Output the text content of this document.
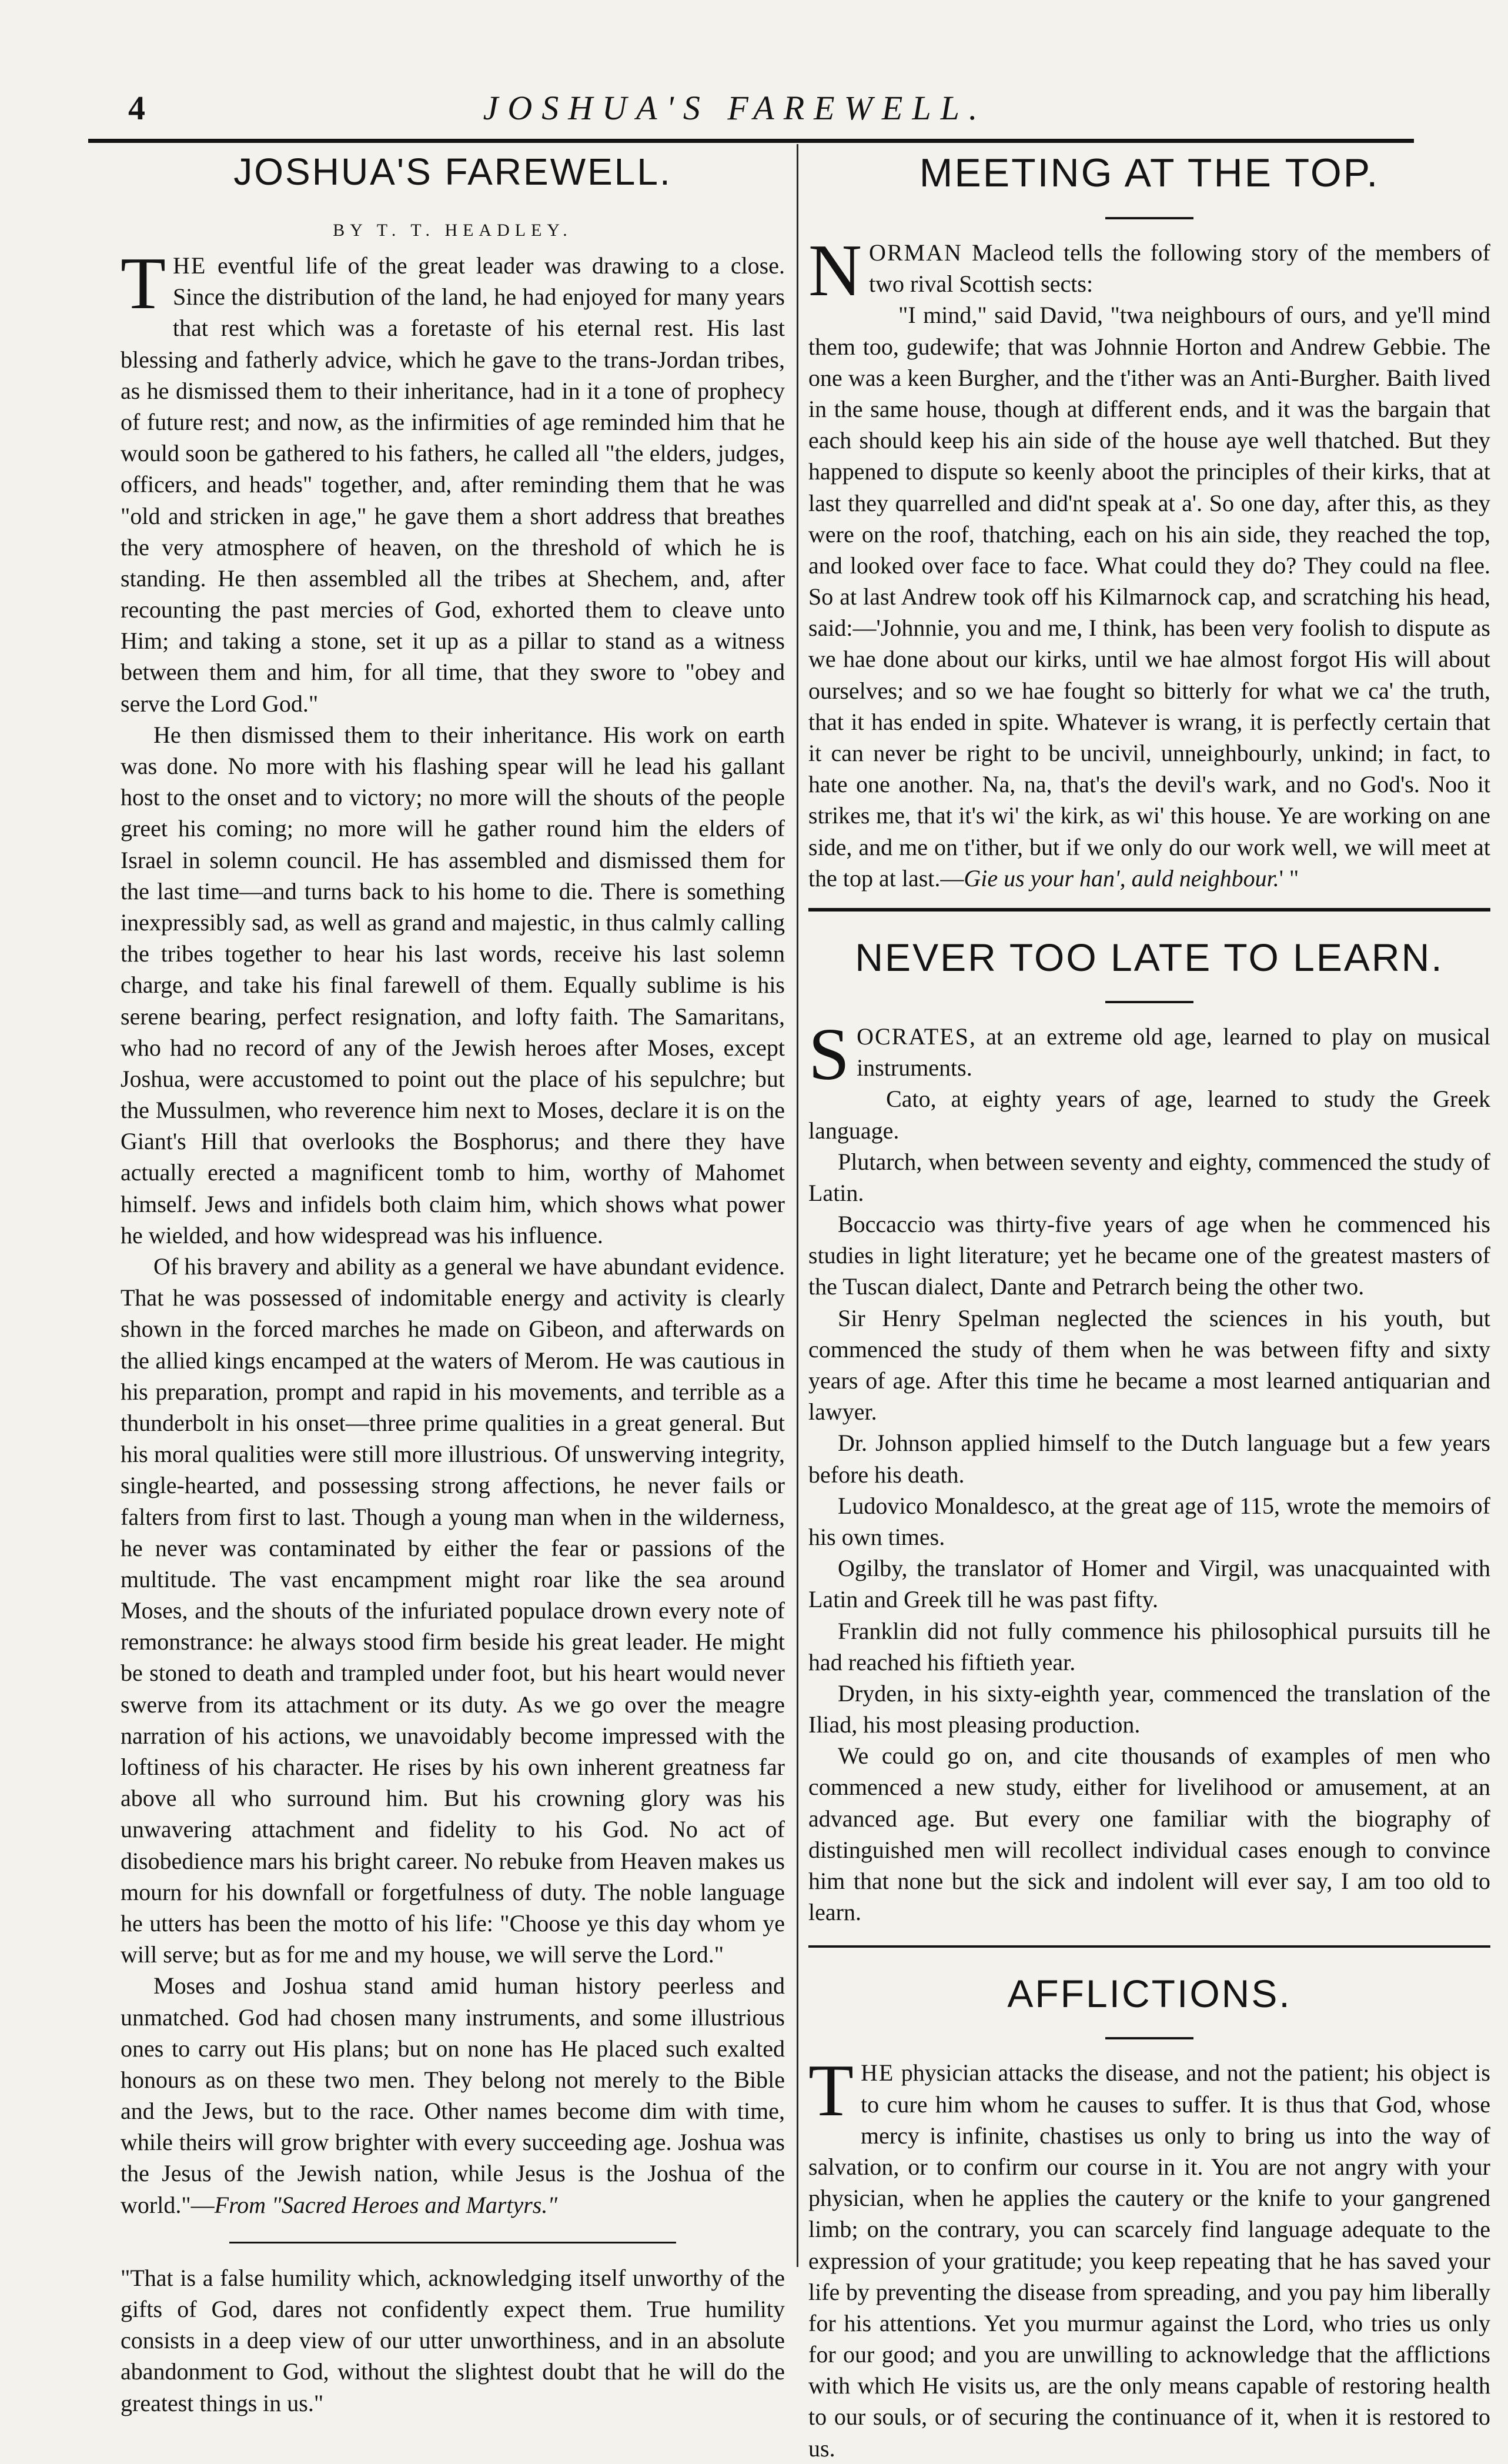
4	JOSHUA'S FAREWELL.
JOSHUA'S FAREWELL.
BY T. T. HEADLEY.

THE eventful life of the great leader was drawing to a close. Since the distribution of the land, he had enjoyed for many years that rest which was a foretaste of his eternal rest. His last blessing and fatherly advice, which he gave to the trans-Jordan tribes, as he dismissed them to their inheritance, had in it a tone of prophecy of future rest; and now, as the infirmities of age reminded him that he would soon be gathered to his fathers, he called all "the elders, judges, officers, and heads" together, and, after reminding them that he was "old and stricken in age," he gave them a short address that breathes the very atmosphere of heaven, on the threshold of which he is standing. He then assembled all the tribes at Shechem, and, after recounting the past mercies of God, exhorted them to cleave unto Him; and taking a stone, set it up as a pillar to stand as a witness between them and him, for all time, that they swore to "obey and serve the Lord God."

He then dismissed them to their inheritance. His work on earth was done. No more with his flashing spear will he lead his gallant host to the onset and to victory; no more will the shouts of the people greet his coming; no more will he gather round him the elders of Israel in solemn council. He has assembled and dismissed them for the last time—and turns back to his home to die. There is something inexpressibly sad, as well as grand and majestic, in thus calmly calling the tribes together to hear his last words, receive his last solemn charge, and take his final farewell of them. Equally sublime is his serene bearing, perfect resignation, and lofty faith. The Samaritans, who had no record of any of the Jewish heroes after Moses, except Joshua, were accustomed to point out the place of his sepulchre; but the Mussulmen, who reverence him next to Moses, declare it is on the Giant's Hill that overlooks the Bosphorus; and there they have actually erected a magnificent tomb to him, worthy of Mahomet himself. Jews and infidels both claim him, which shows what power he wielded, and how widespread was his influence.

Of his bravery and ability as a general we have abundant evidence. That he was possessed of indomitable energy and activity is clearly shown in the forced marches he made on Gibeon, and afterwards on the allied kings encamped at the waters of Merom. He was cautious in his preparation, prompt and rapid in his movements, and terrible as a thunderbolt in his onset—three prime qualities in a great general. But his moral qualities were still more illustrious. Of unswerving integrity, single-hearted, and possessing strong affections, he never fails or falters from first to last. Though a young man when in the wilderness, he never was contaminated by either the fear or passions of the multitude. The vast encampment might roar like the sea around Moses, and the shouts of the infuriated populace drown every note of remonstrance: he always stood firm beside his great leader. He might be stoned to death and trampled under foot, but his heart would never swerve from its attachment or its duty. As we go over the meagre narration of his actions, we unavoidably become impressed with the loftiness of his character. He rises by his own inherent greatness far above all who surround him. But his crowning glory was his unwavering attachment and fidelity to his God. No act of disobedience mars his bright career. No rebuke from Heaven makes us mourn for his downfall or forgetfulness of duty. The noble language he utters has been the motto of his life: "Choose ye this day whom ye will serve; but as for me and my house, we will serve the Lord."

Moses and Joshua stand amid human history peerless and unmatched. God had chosen many instruments, and some illustrious ones to carry out His plans; but on none has He placed such exalted honours as on these two men. They belong not merely to the Bible and the Jews, but to the race. Other names become dim with time, while theirs will grow brighter with every succeeding age. Joshua was the Jesus of the Jewish nation, while Jesus is the Joshua of the world."—From "Sacred Heroes and Martyrs."

"That is a false humility which, acknowledging itself unworthy of the gifts of God, dares not confidently expect them. True humility consists in a deep view of our utter unworthiness, and in an absolute abandonment to God, without the slightest doubt that he will do the greatest things in us."

MEETING AT THE TOP.

NORMAN Macleod tells the following story of the members of two rival Scottish sects:

"I mind," said David, "twa neighbours of ours, and ye'll mind them too, gudewife; that was Johnnie Horton and Andrew Gebbie. The one was a keen Burgher, and the t'ither was an Anti-Burgher. Baith lived in the same house, though at different ends, and it was the bargain that each should keep his ain side of the house aye well thatched. But they happened to dispute so keenly aboot the principles of their kirks, that at last they quarrelled and did'nt speak at a'. So one day, after this, as they were on the roof, thatching, each on his ain side, they reached the top, and looked over face to face. What could they do? They could na flee. So at last Andrew took off his Kilmarnock cap, and scratching his head, said:—'Johnnie, you and me, I think, has been very foolish to dispute as we hae done about our kirks, until we hae almost forgot His will about ourselves; and so we hae fought so bitterly for what we ca' the truth, that it has ended in spite. Whatever is wrang, it is perfectly certain that it can never be right to be uncivil, unneighbourly, unkind; in fact, to hate one another. Na, na, that's the devil's wark, and no God's. Noo it strikes me, that it's wi' the kirk, as wi' this house. Ye are working on ane side, and me on t'ither, but if we only do our work well, we will meet at the top at last.—Gie us your han', auld neighbour.' "

NEVER TOO LATE TO LEARN.

SOCRATES, at an extreme old age, learned to play on musical instruments.

Cato, at eighty years of age, learned to study the Greek language.

Plutarch, when between seventy and eighty, commenced the study of Latin.

Boccaccio was thirty-five years of age when he commenced his studies in light literature; yet he became one of the greatest masters of the Tuscan dialect, Dante and Petrarch being the other two.

Sir Henry Spelman neglected the sciences in his youth, but commenced the study of them when he was between fifty and sixty years of age. After this time he became a most learned antiquarian and lawyer.

Dr. Johnson applied himself to the Dutch language but a few years before his death.

Ludovico Monaldesco, at the great age of 115, wrote the memoirs of his own times.

Ogilby, the translator of Homer and Virgil, was unacquainted with Latin and Greek till he was past fifty.

Franklin did not fully commence his philosophical pursuits till he had reached his fiftieth year.

Dryden, in his sixty-eighth year, commenced the translation of the Iliad, his most pleasing production.

We could go on, and cite thousands of examples of men who commenced a new study, either for livelihood or amusement, at an advanced age. But every one familiar with the biography of distinguished men will recollect individual cases enough to convince him that none but the sick and indolent will ever say, I am too old to learn.

AFFLICTIONS.

THE physician attacks the disease, and not the patient; his object is to cure him whom he causes to suffer. It is thus that God, whose mercy is infinite, chastises us only to bring us into the way of salvation, or to confirm our course in it. You are not angry with your physician, when he applies the cautery or the knife to your gangrened limb; on the contrary, you can scarcely find language adequate to the expression of your gratitude; you keep repeating that he has saved your life by preventing the disease from spreading, and you pay him liberally for his attentions. Yet you murmur against the Lord, who tries us only for our good; and you are unwilling to acknowledge that the afflictions with which He visits us, are the only means capable of restoring health to our souls, or of securing the continuance of it, when it is restored to us.
